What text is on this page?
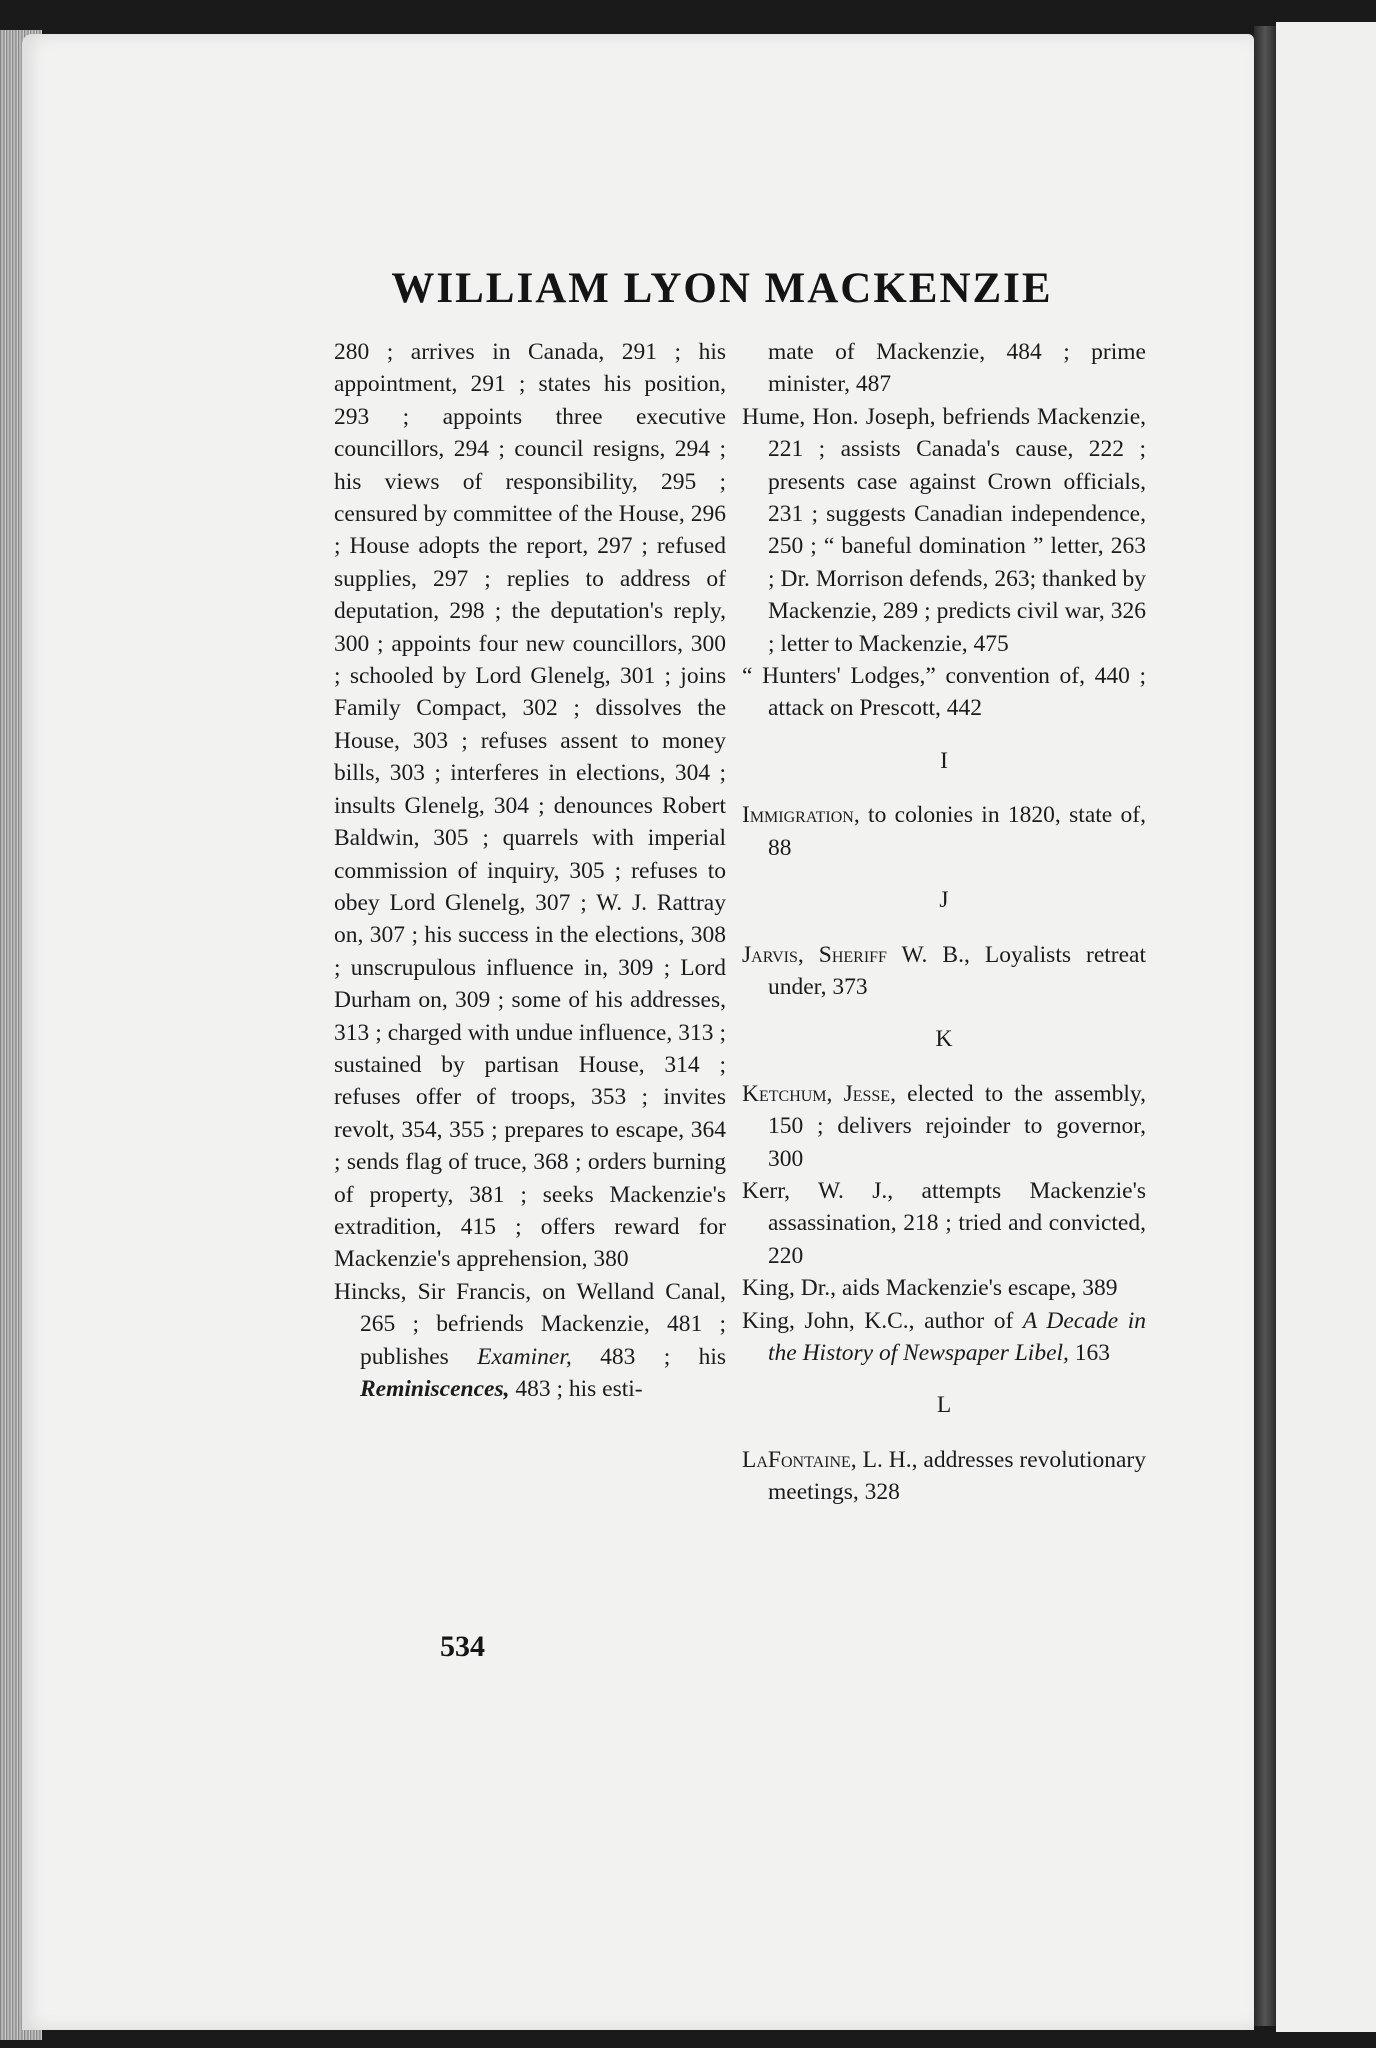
WILLIAM LYON MACKENZIE

280 ; arrives in Canada, 291 ; his appointment, 291 ; states his position, 293 ; appoints three executive councillors, 294 ; council resigns, 294 ; his views of responsibility, 295 ; censured by committee of the House, 296 ; House adopts the report, 297 ; refused supplies, 297 ; replies to address of deputation, 298 ; the deputation's reply, 300 ; appoints four new councillors, 300 ; schooled by Lord Glenelg, 301 ; joins Family Compact, 302 ; dissolves the House, 303 ; refuses assent to money bills, 303 ; interferes in elections, 304 ; insults Glenelg, 304 ; denounces Robert Baldwin, 305 ; quarrels with imperial commission of inquiry, 305 ; refuses to obey Lord Glenelg, 307 ; W. J. Rattray on, 307 ; his success in the elections, 308 ; unscrupulous influence in, 309 ; Lord Durham on, 309 ; some of his addresses, 313 ; charged with undue influence, 313 ; sustained by partisan House, 314 ; refuses offer of troops, 353 ; invites revolt, 354, 355 ; prepares to escape, 364 ; sends flag of truce, 368 ; orders burning of property, 381 ; seeks Mackenzie's extradition, 415 ; offers reward for Mackenzie's apprehension, 380

Hincks, Sir Francis, on Welland Canal, 265 ; befriends Mackenzie, 481 ; publishes Examiner, 483 ; his Reminiscences, 483 ; his esti-

mate of Mackenzie, 484 ; prime minister, 487

Hume, Hon. Joseph, befriends Mackenzie, 221 ; assists Canada's cause, 222 ; presents case against Crown officials, 231 ; suggests Canadian independence, 250 ; “ baneful domination ” letter, 263 ; Dr. Morrison defends, 263; thanked by Mackenzie, 289 ; predicts civil war, 326 ; letter to Mackenzie, 475

“ Hunters' Lodges,” convention of, 440 ; attack on Prescott, 442

I

Immigration, to colonies in 1820, state of, 88

J

Jarvis, Sheriff W. B., Loyalists retreat under, 373

K

Ketchum, Jesse, elected to the assembly, 150 ; delivers rejoinder to governor, 300

Kerr, W. J., attempts Mackenzie's assassination, 218 ; tried and convicted, 220

King, Dr., aids Mackenzie's escape, 389

King, John, K.C., author of A Decade in the History of Newspaper Libel, 163

L

LaFontaine, L. H., addresses revolutionary meetings, 328

534
